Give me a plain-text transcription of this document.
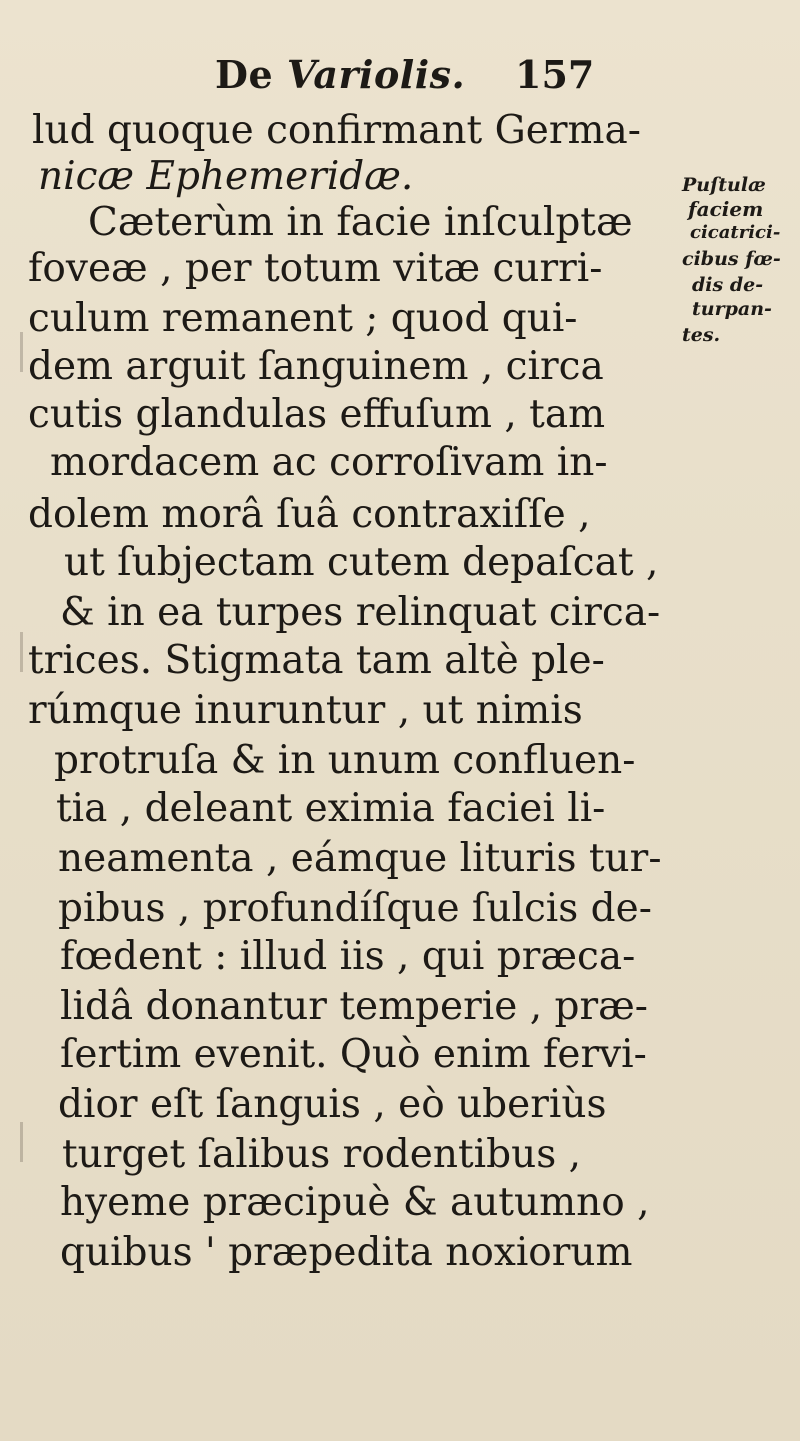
De Variolis. 157
lud quoque confirmant Germa-
nicæ Ephemeridæ.
Cæterùm in facie inſculptæ
foveæ , per totum vitæ curri-
culum remanent ; quod qui-
dem arguit ſanguinem , circa
cutis glandulas effuſum , tam
mordacem ac corroſivam in-
dolem morâ ſuâ contraxiſſe ,
ut ſubjectam cutem depaſcat ,
& in ea turpes relinquat circa-
trices. Stigmata tam altè ple-
rúmque inuruntur , ut nimis
protruſa & in unum confluen-
tia , deleant eximia faciei li-
neamenta , eámque lituris tur-
pibus , profundíſque ſulcis de-
fœdent : illud iis , qui præca-
lidâ donantur temperie , præ-
ſertim evenit. Quò enim fervi-
dior eſt ſanguis , eò uberiùs
turget ſalibus rodentibus ,
hyeme præcipuè & autumno ,
quibus ' præpedita noxiorum
Puſtulæ
faciem
cicatrici-
cibus fœ-
dis de-
turpan-
tes.
